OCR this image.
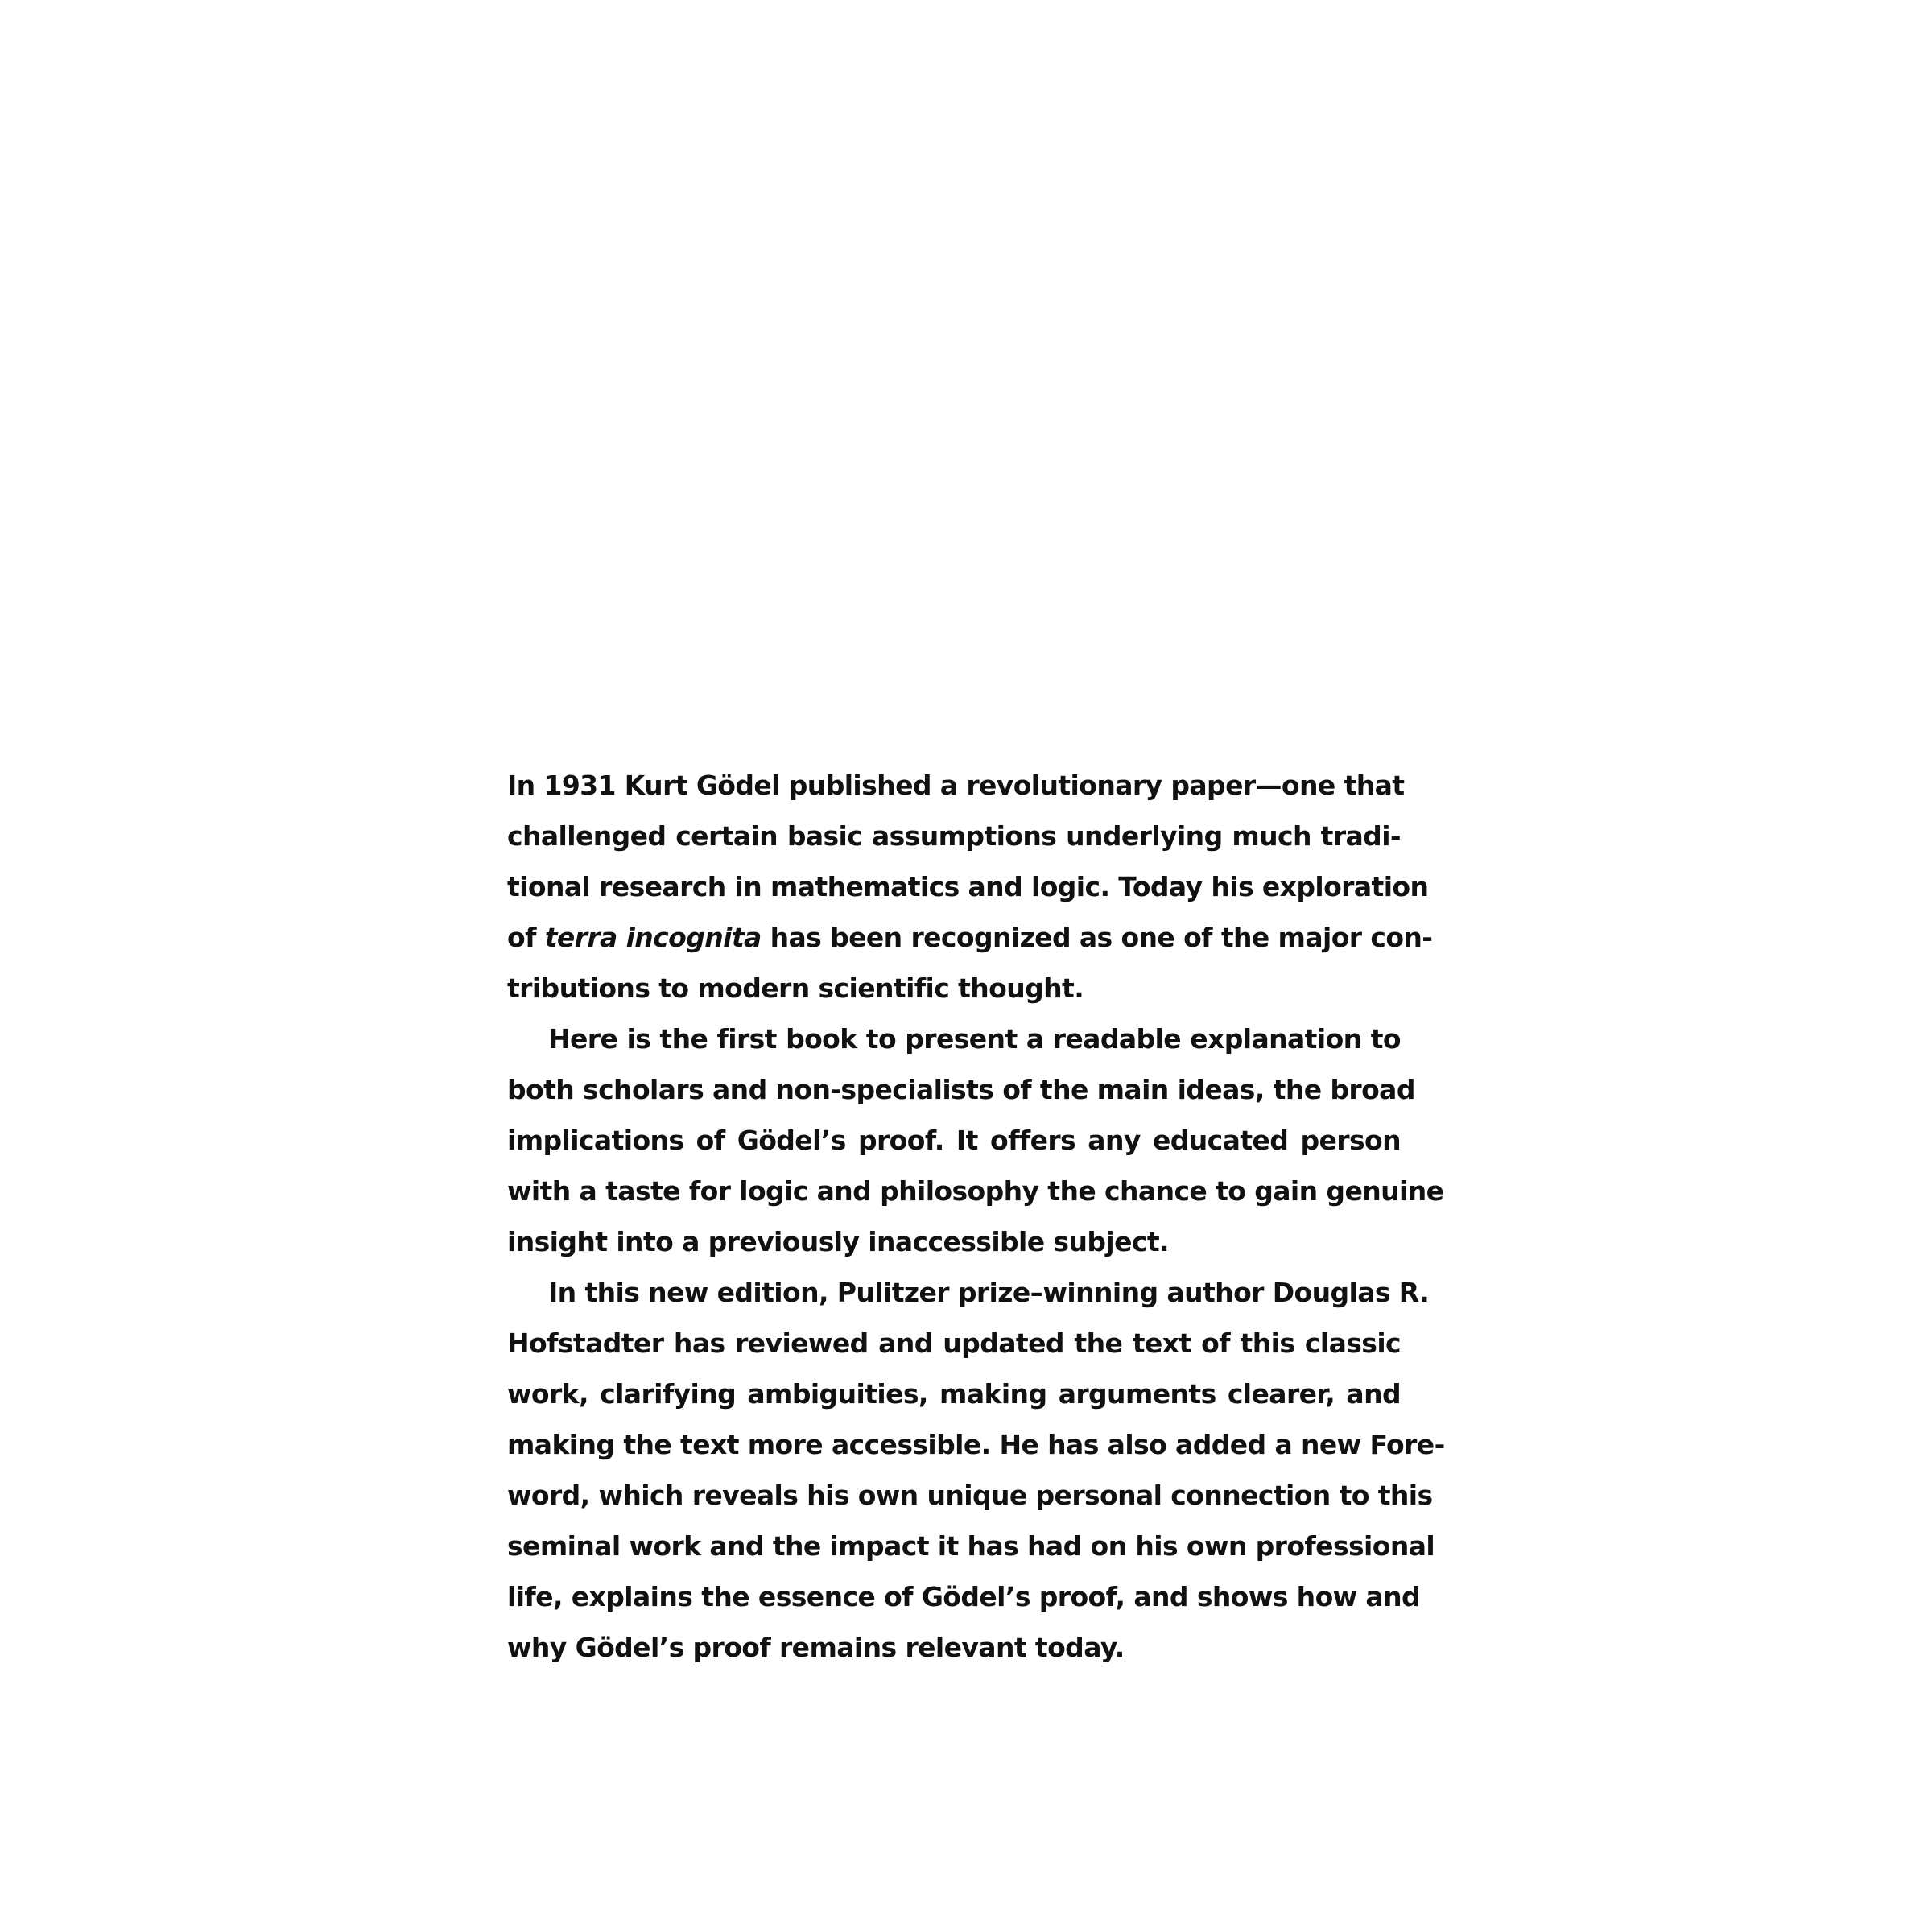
In 1931 Kurt Gödel published a revolutionary paper—one that
challenged certain basic assumptions underlying much tradi-
tional research in mathematics and logic. Today his exploration
of terra incognita has been recognized as one of the major con-
tributions to modern scientific thought.
Here is the first book to present a readable explanation to
both scholars and non-specialists of the main ideas, the broad
implications of Gödel’s proof. It offers any educated person
with a taste for logic and philosophy the chance to gain genuine
insight into a previously inaccessible subject.
In this new edition, Pulitzer prize–winning author Douglas R.
Hofstadter has reviewed and updated the text of this classic
work, clarifying ambiguities, making arguments clearer, and
making the text more accessible. He has also added a new Fore-
word, which reveals his own unique personal connection to this
seminal work and the impact it has had on his own professional
life, explains the essence of Gödel’s proof, and shows how and
why Gödel’s proof remains relevant today.
